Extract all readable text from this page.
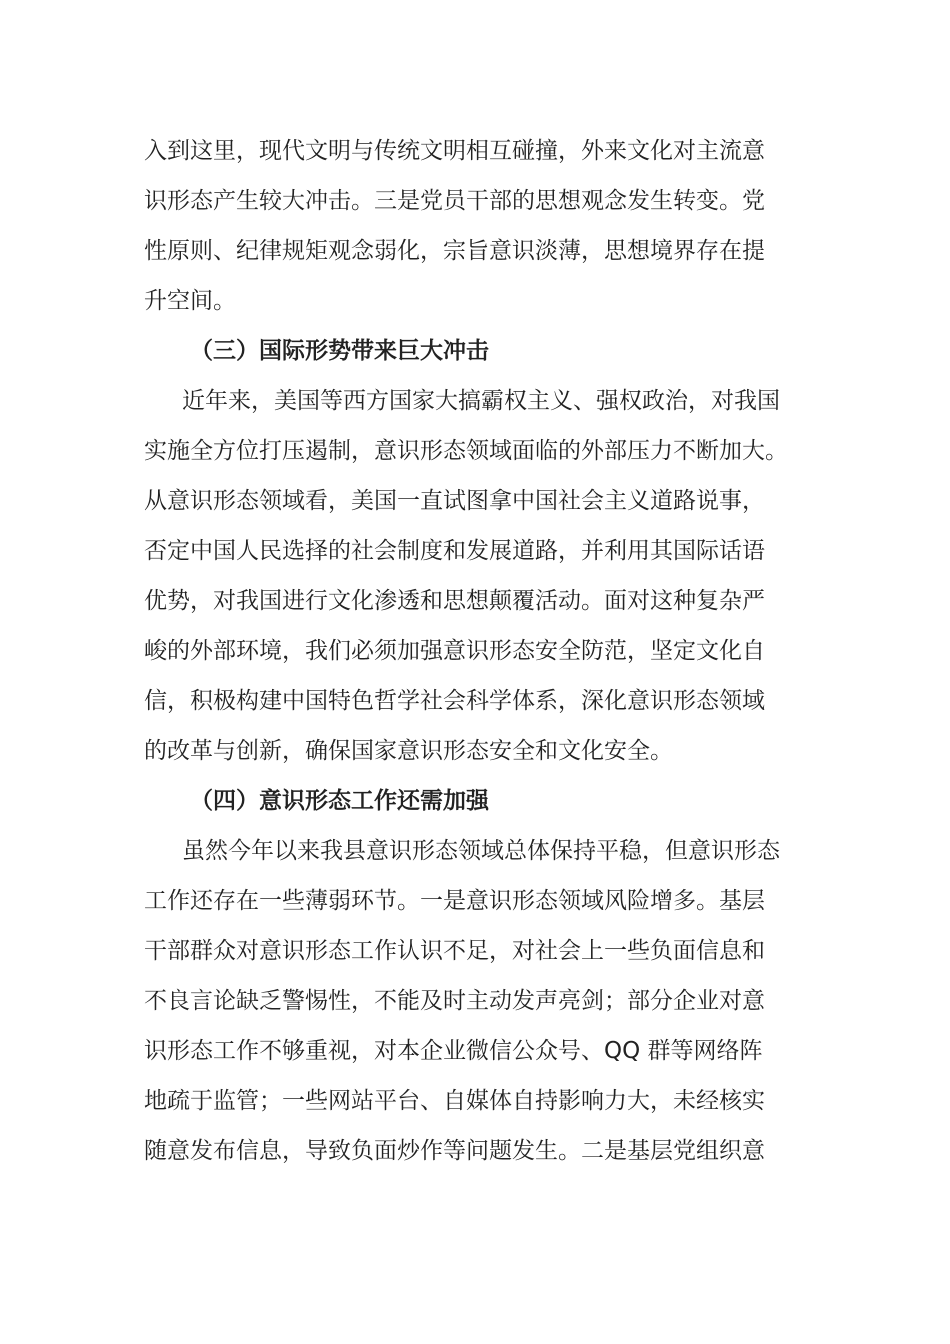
入到这里，现代文明与传统文明相互碰撞，外来文化对主流意
识形态产生较大冲击。三是党员干部的思想观念发生转变。党
性原则、纪律规矩观念弱化，宗旨意识淡薄，思想境界存在提
升空间。
（三）国际形势带来巨大冲击
近年来，美国等西方国家大搞霸权主义、强权政治，对我国
实施全方位打压遏制，意识形态领域面临的外部压力不断加大。
从意识形态领域看，美国一直试图拿中国社会主义道路说事，
否定中国人民选择的社会制度和发展道路，并利用其国际话语
优势，对我国进行文化渗透和思想颠覆活动。面对这种复杂严
峻的外部环境，我们必须加强意识形态安全防范，坚定文化自
信，积极构建中国特色哲学社会科学体系，深化意识形态领域
的改革与创新，确保国家意识形态安全和文化安全。
（四）意识形态工作还需加强
虽然今年以来我县意识形态领域总体保持平稳，但意识形态
工作还存在一些薄弱环节。一是意识形态领域风险增多。基层
干部群众对意识形态工作认识不足，对社会上一些负面信息和
不良言论缺乏警惕性，不能及时主动发声亮剑；部分企业对意
识形态工作不够重视，对本企业微信公众号、QQ 群等网络阵
地疏于监管；一些网站平台、自媒体自持影响力大，未经核实
随意发布信息，导致负面炒作等问题发生。二是基层党组织意
